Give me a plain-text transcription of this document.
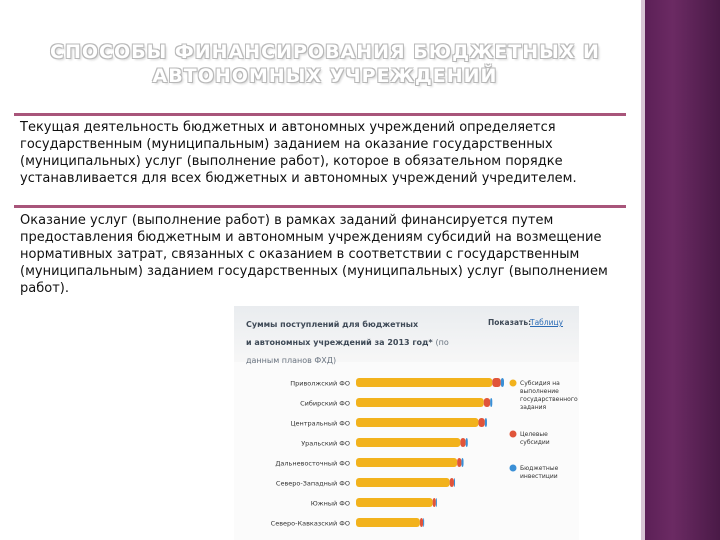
СПОСОБЫ ФИНАНСИРОВАНИЯ БЮДЖЕТНЫХ И АВТОНОМНЫХ УЧРЕЖДЕНИЙ
Текущая деятельность бюджетных и автономных учреждений определяется государственным (муниципальным) заданием на оказание государственных (муниципальных) услуг (выполнение работ), которое в обязательном порядке устанавливается для всех бюджетных и автономных учреждений учредителем.
Оказание услуг (выполнение работ) в рамках заданий финансируется путем предоставления бюджетным и автономным учреждениям субсидий на возмещение нормативных затрат, связанных с оказанием в соответствии с государственным (муниципальным) заданием государственных (муниципальных) услуг (выполнением работ).
Суммы поступлений для бюджетных
и автономных учреждений за 2013 год* (по данным планов ФХД)
Показать:
Таблицу
Приволжский ФО
Сибирский ФО
Центральный ФО
Уральский ФО
Дальневосточный ФО
Северо-Западный ФО
Южный ФО
Северо-Кавказский ФО
Субсидия на выполнение государственного задания
Целевые субсидии
Бюджетные инвестиции
